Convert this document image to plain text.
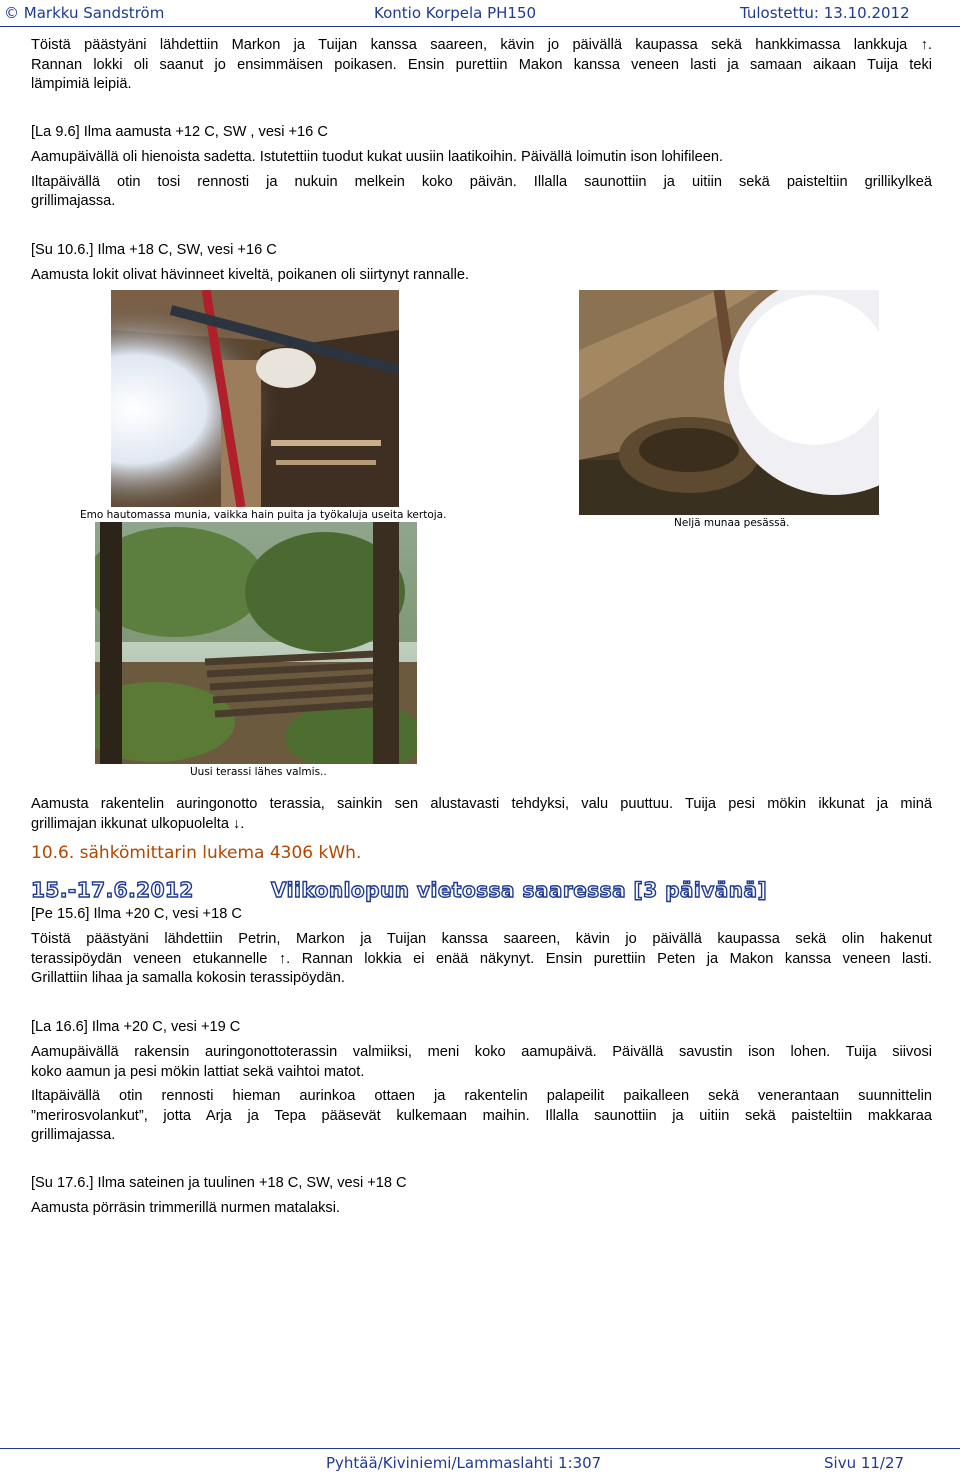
© Markku Sandström	Kontio Korpela PH150	Tulostettu: 13.10.2012
Töistä päästyäni lähdettiin Markon ja Tuijan kanssa saareen, kävin jo päivällä kaupassa sekä hankkimassa lankkuja ↑.
Rannan lokki oli saanut jo ensimmäisen poikasen. Ensin purettiin Makon kanssa veneen lasti ja samaan aikaan Tuija teki
lämpimiä leipiä.
[La 9.6] Ilma aamusta +12 C, SW , vesi +16 C
Aamupäivällä oli hienoista sadetta. Istutettiin tuodut kukat uusiin laatikoihin. Päivällä loimutin ison lohifileen.
Iltapäivällä otin tosi rennosti ja nukuin melkein koko päivän. Illalla saunottiin ja uitiin sekä paisteltiin grillikylkeä
grillimajassa.
[Su 10.6.] Ilma +18 C, SW, vesi +16 C
Aamusta lokit olivat hävinneet kiveltä, poikanen oli siirtynyt rannalle.
Emo hautomassa munia, vaikka hain puita ja työkaluja useita kertoja.
Neljä munaa pesässä.
Uusi terassi lähes valmis..
Aamusta rakentelin auringonotto terassia, sainkin sen alustavasti tehdyksi, valu puuttuu. Tuija pesi mökin ikkunat ja minä
grillimajan ikkunat ulkopuolelta ↓.
10.6. sähkömittarin lukema 4306 kWh.
15.-17.6.2012	Viikonlopun vietossa saaressa [3 päivänä]
[Pe 15.6] Ilma +20 C, vesi +18 C
Töistä päästyäni lähdettiin Petrin, Markon ja Tuijan kanssa saareen, kävin jo päivällä kaupassa sekä olin hakenut
terassipöydän veneen etukannelle ↑. Rannan lokkia ei enää näkynyt. Ensin purettiin Peten ja Makon kanssa veneen lasti.
Grillattiin lihaa ja samalla kokosin terassipöydän.
[La 16.6] Ilma +20 C, vesi +19 C
Aamupäivällä rakensin auringonottoterassin valmiiksi, meni koko aamupäivä. Päivällä savustin ison lohen. Tuija siivosi
koko aamun ja pesi mökin lattiat sekä vaihtoi matot.
Iltapäivällä otin rennosti hieman aurinkoa ottaen ja rakentelin palapeilit paikalleen sekä venerantaan suunnittelin
”merirosvolankut”, jotta Arja ja Tepa pääsevät kulkemaan maihin. Illalla saunottiin ja uitiin sekä paisteltiin makkaraa
grillimajassa.
[Su 17.6.] Ilma sateinen ja tuulinen +18 C, SW, vesi +18 C
Aamusta pörräsin trimmerillä nurmen matalaksi.
Pyhtää/Kiviniemi/Lammaslahti 1:307	Sivu 11/27
